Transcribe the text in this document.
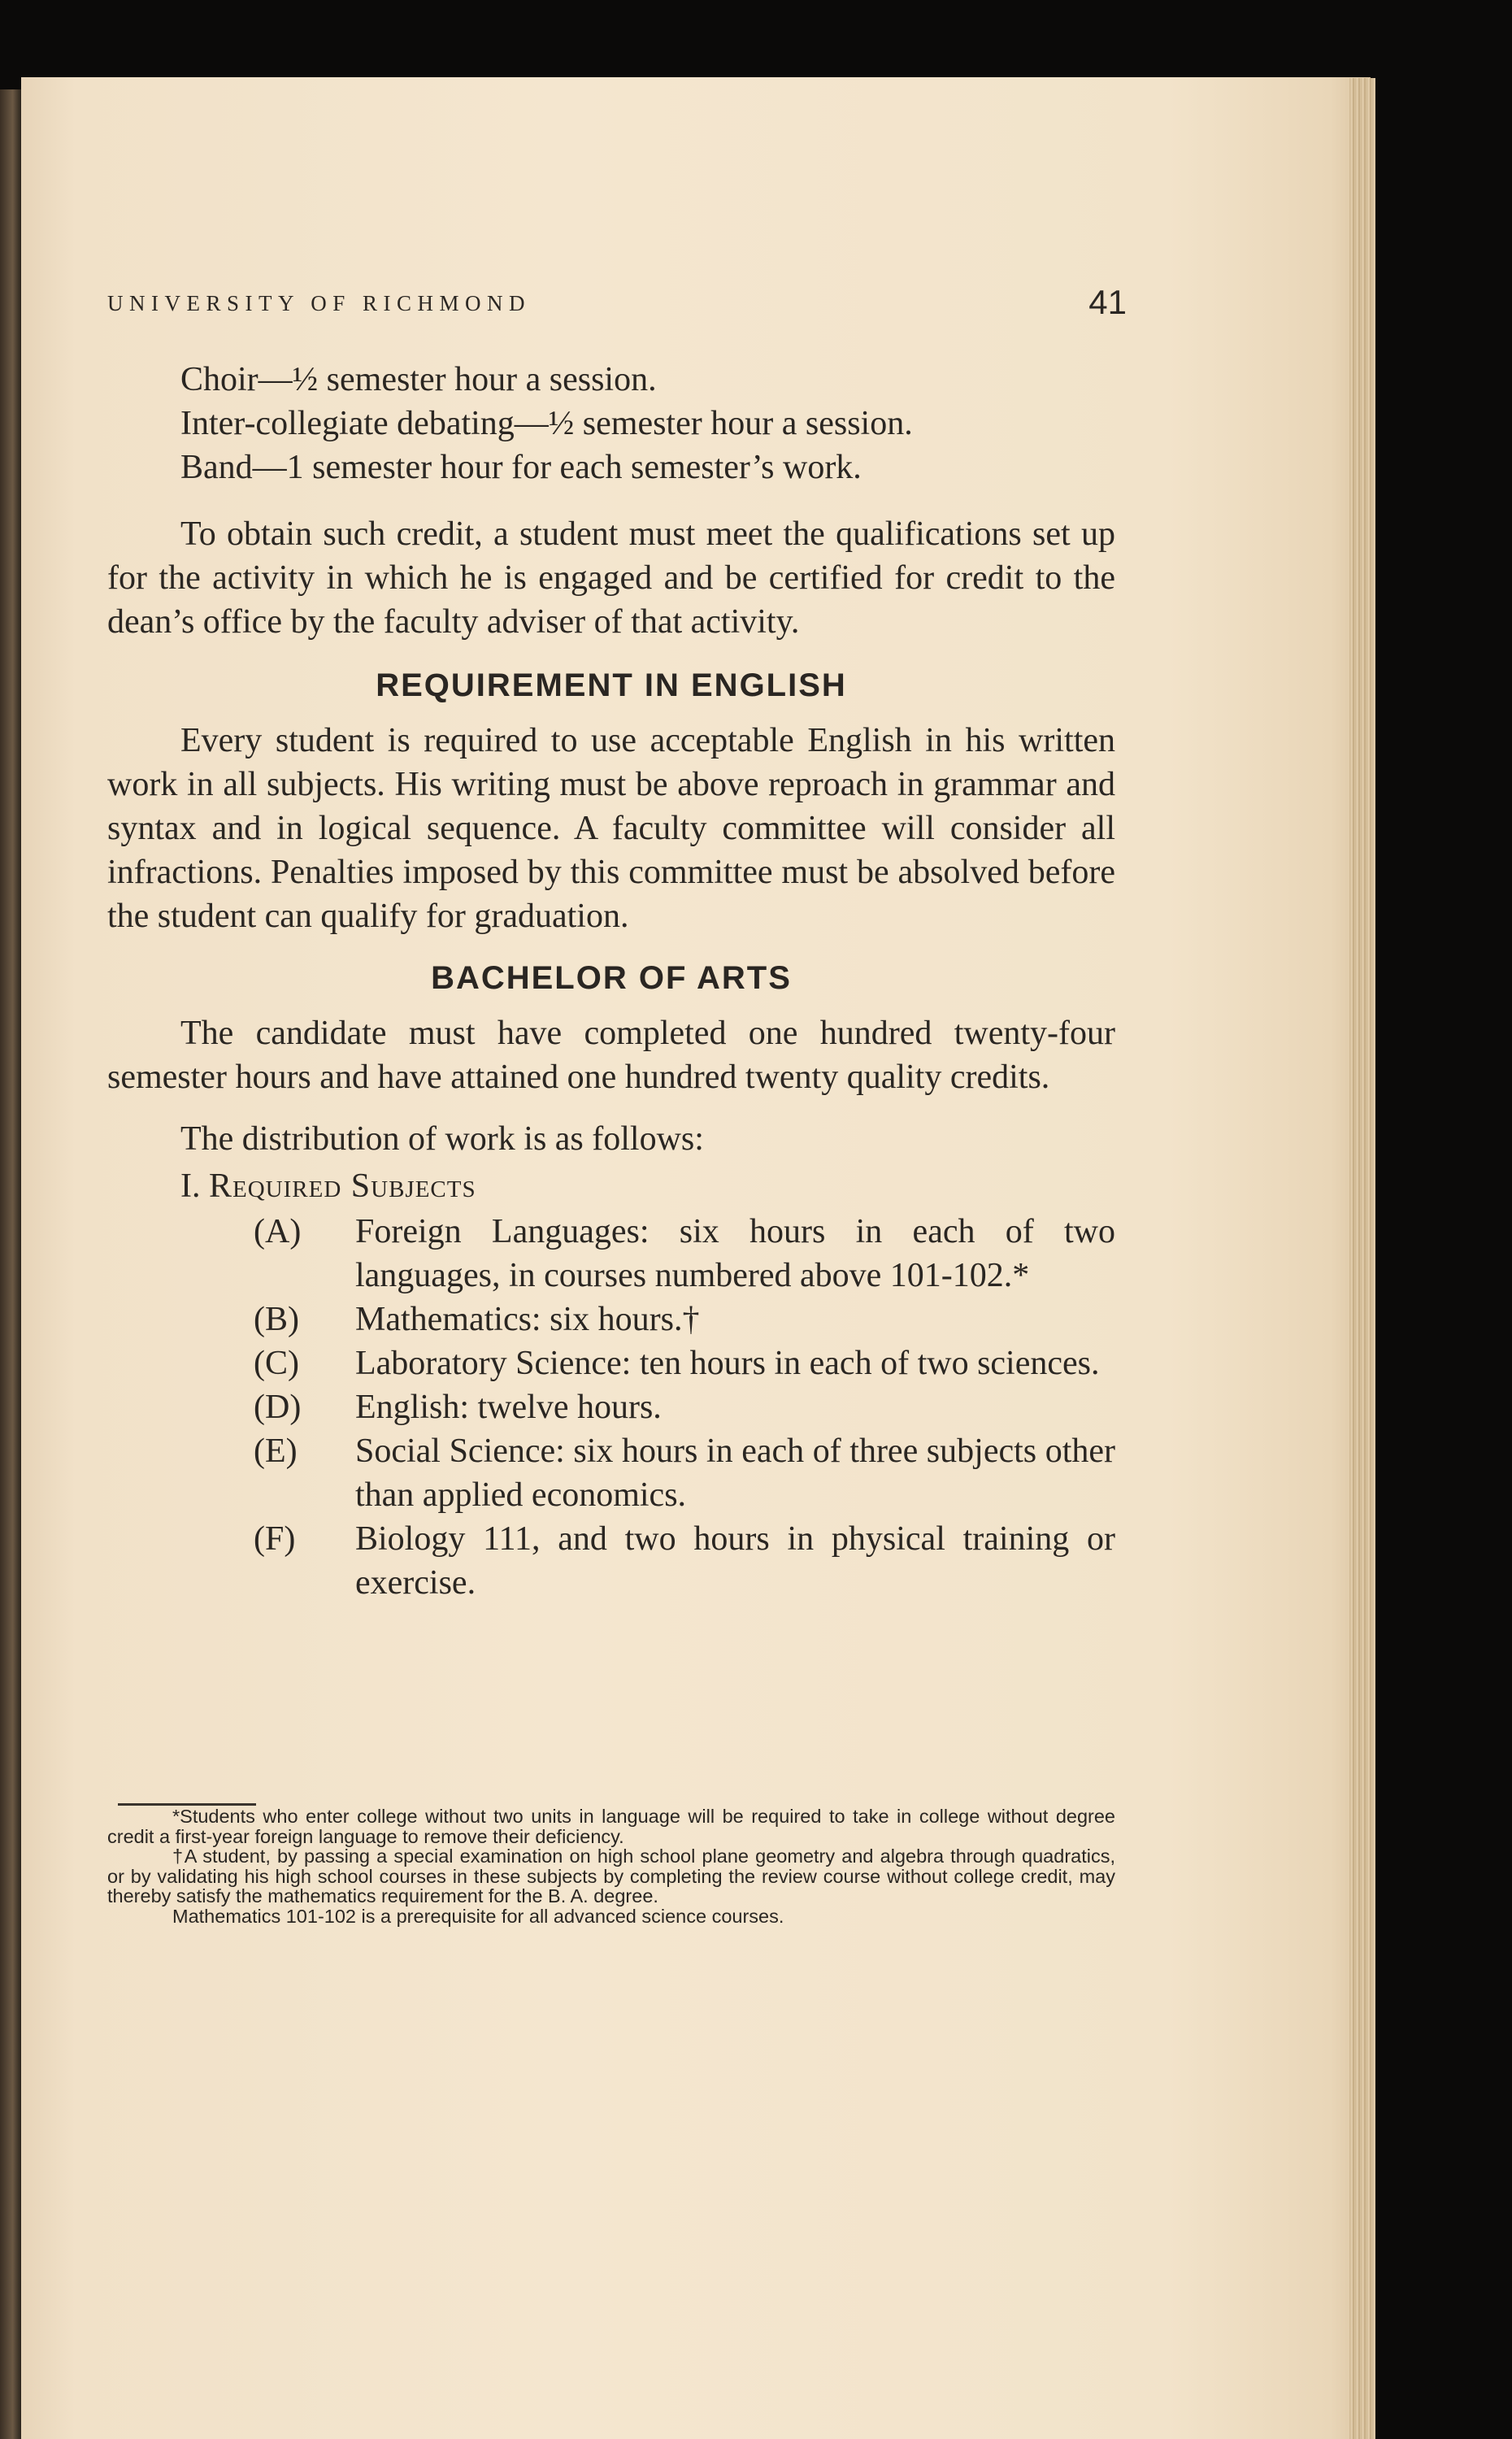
UNIVERSITY OF RICHMOND	41
Choir—½ semester hour a session.
Inter-collegiate debating—½ semester hour a session.
Band—1 semester hour for each semester’s work.
To obtain such credit, a student must meet the qualifications set up for the activity in which he is engaged and be certified for credit to the dean’s office by the faculty adviser of that activity.
REQUIREMENT IN ENGLISH
Every student is required to use acceptable English in his written work in all subjects. His writing must be above reproach in grammar and syntax and in logical sequence. A faculty committee will consider all infractions. Penalties imposed by this committee must be absolved before the student can qualify for graduation.
BACHELOR OF ARTS
The candidate must have completed one hundred twenty-four semester hours and have attained one hundred twenty quality credits.
The distribution of work is as follows:
I. Required Subjects
(A)	Foreign Languages: six hours in each of two languages, in courses numbered above 101-102.*
(B)	Mathematics: six hours.†
(C)	Laboratory Science: ten hours in each of two sciences.
(D)	English: twelve hours.
(E)	Social Science: six hours in each of three subjects other than applied economics.
(F)	Biology 111, and two hours in physical training or exercise.
*Students who enter college without two units in language will be required to take in college without degree credit a first-year foreign language to remove their deficiency.
†A student, by passing a special examination on high school plane geometry and algebra through quadratics, or by validating his high school courses in these subjects by completing the review course without college credit, may thereby satisfy the mathematics requirement for the B. A. degree.
Mathematics 101-102 is a prerequisite for all advanced science courses.
